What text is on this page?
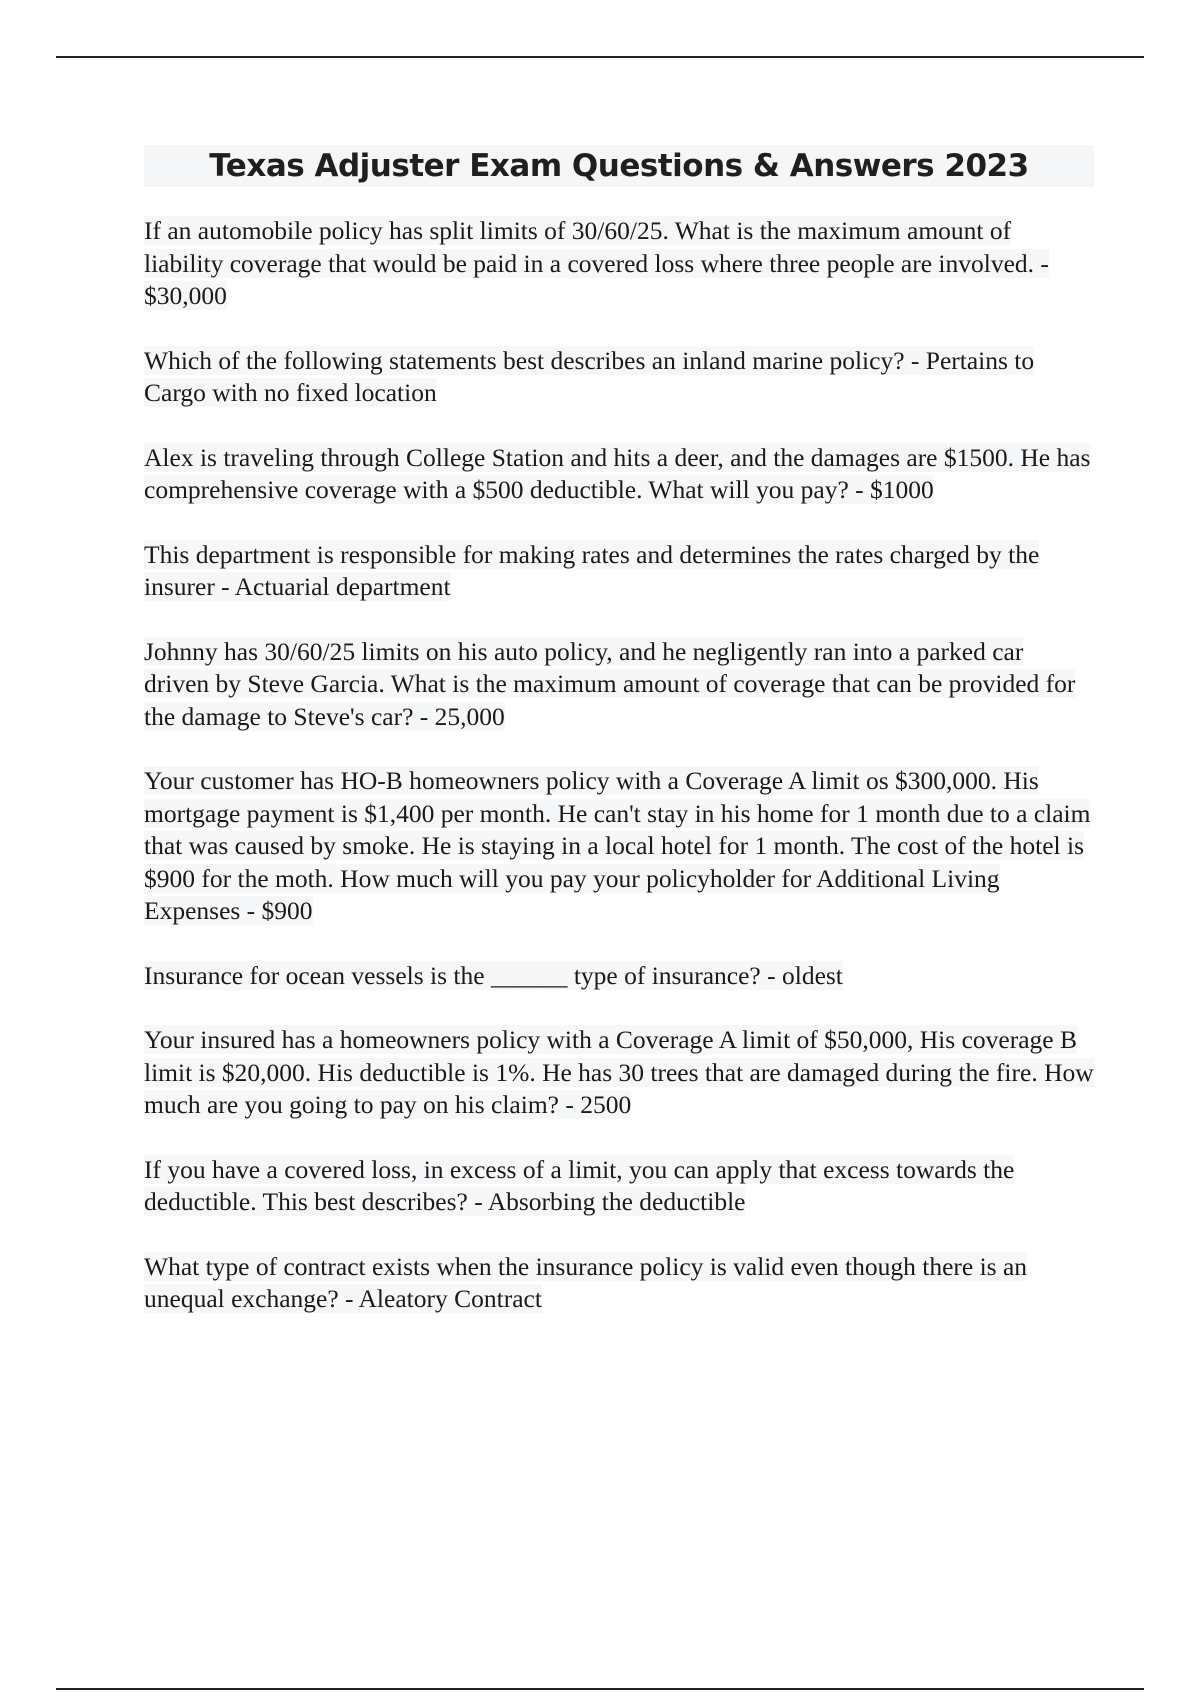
Texas Adjuster Exam Questions & Answers 2023
If an automobile policy has split limits of 30/60/25. What is the maximum amount of liability coverage that would be paid in a covered loss where three people are involved. - $30,000
Which of the following statements best describes an inland marine policy? - Pertains to Cargo with no fixed location
Alex is traveling through College Station and hits a deer, and the damages are $1500. He has comprehensive coverage with a $500 deductible. What will you pay? - $1000
This department is responsible for making rates and determines the rates charged by the insurer - Actuarial department
Johnny has 30/60/25 limits on his auto policy, and he negligently ran into a parked car driven by Steve Garcia. What is the maximum amount of coverage that can be provided for the damage to Steve's car? - 25,000
Your customer has HO-B homeowners policy with a Coverage A limit os $300,000. His mortgage payment is $1,400 per month. He can't stay in his home for 1 month due to a claim that was caused by smoke. He is staying in a local hotel for 1 month. The cost of the hotel is $900 for the moth. How much will you pay your policyholder for Additional Living Expenses - $900
Insurance for ocean vessels is the ______ type of insurance? - oldest
Your insured has a homeowners policy with a Coverage A limit of $50,000, His coverage B limit is $20,000. His deductible is 1%. He has 30 trees that are damaged during the fire. How much are you going to pay on his claim? - 2500
If you have a covered loss, in excess of a limit, you can apply that excess towards the deductible. This best describes? - Absorbing the deductible
What type of contract exists when the insurance policy is valid even though there is an unequal exchange? - Aleatory Contract
